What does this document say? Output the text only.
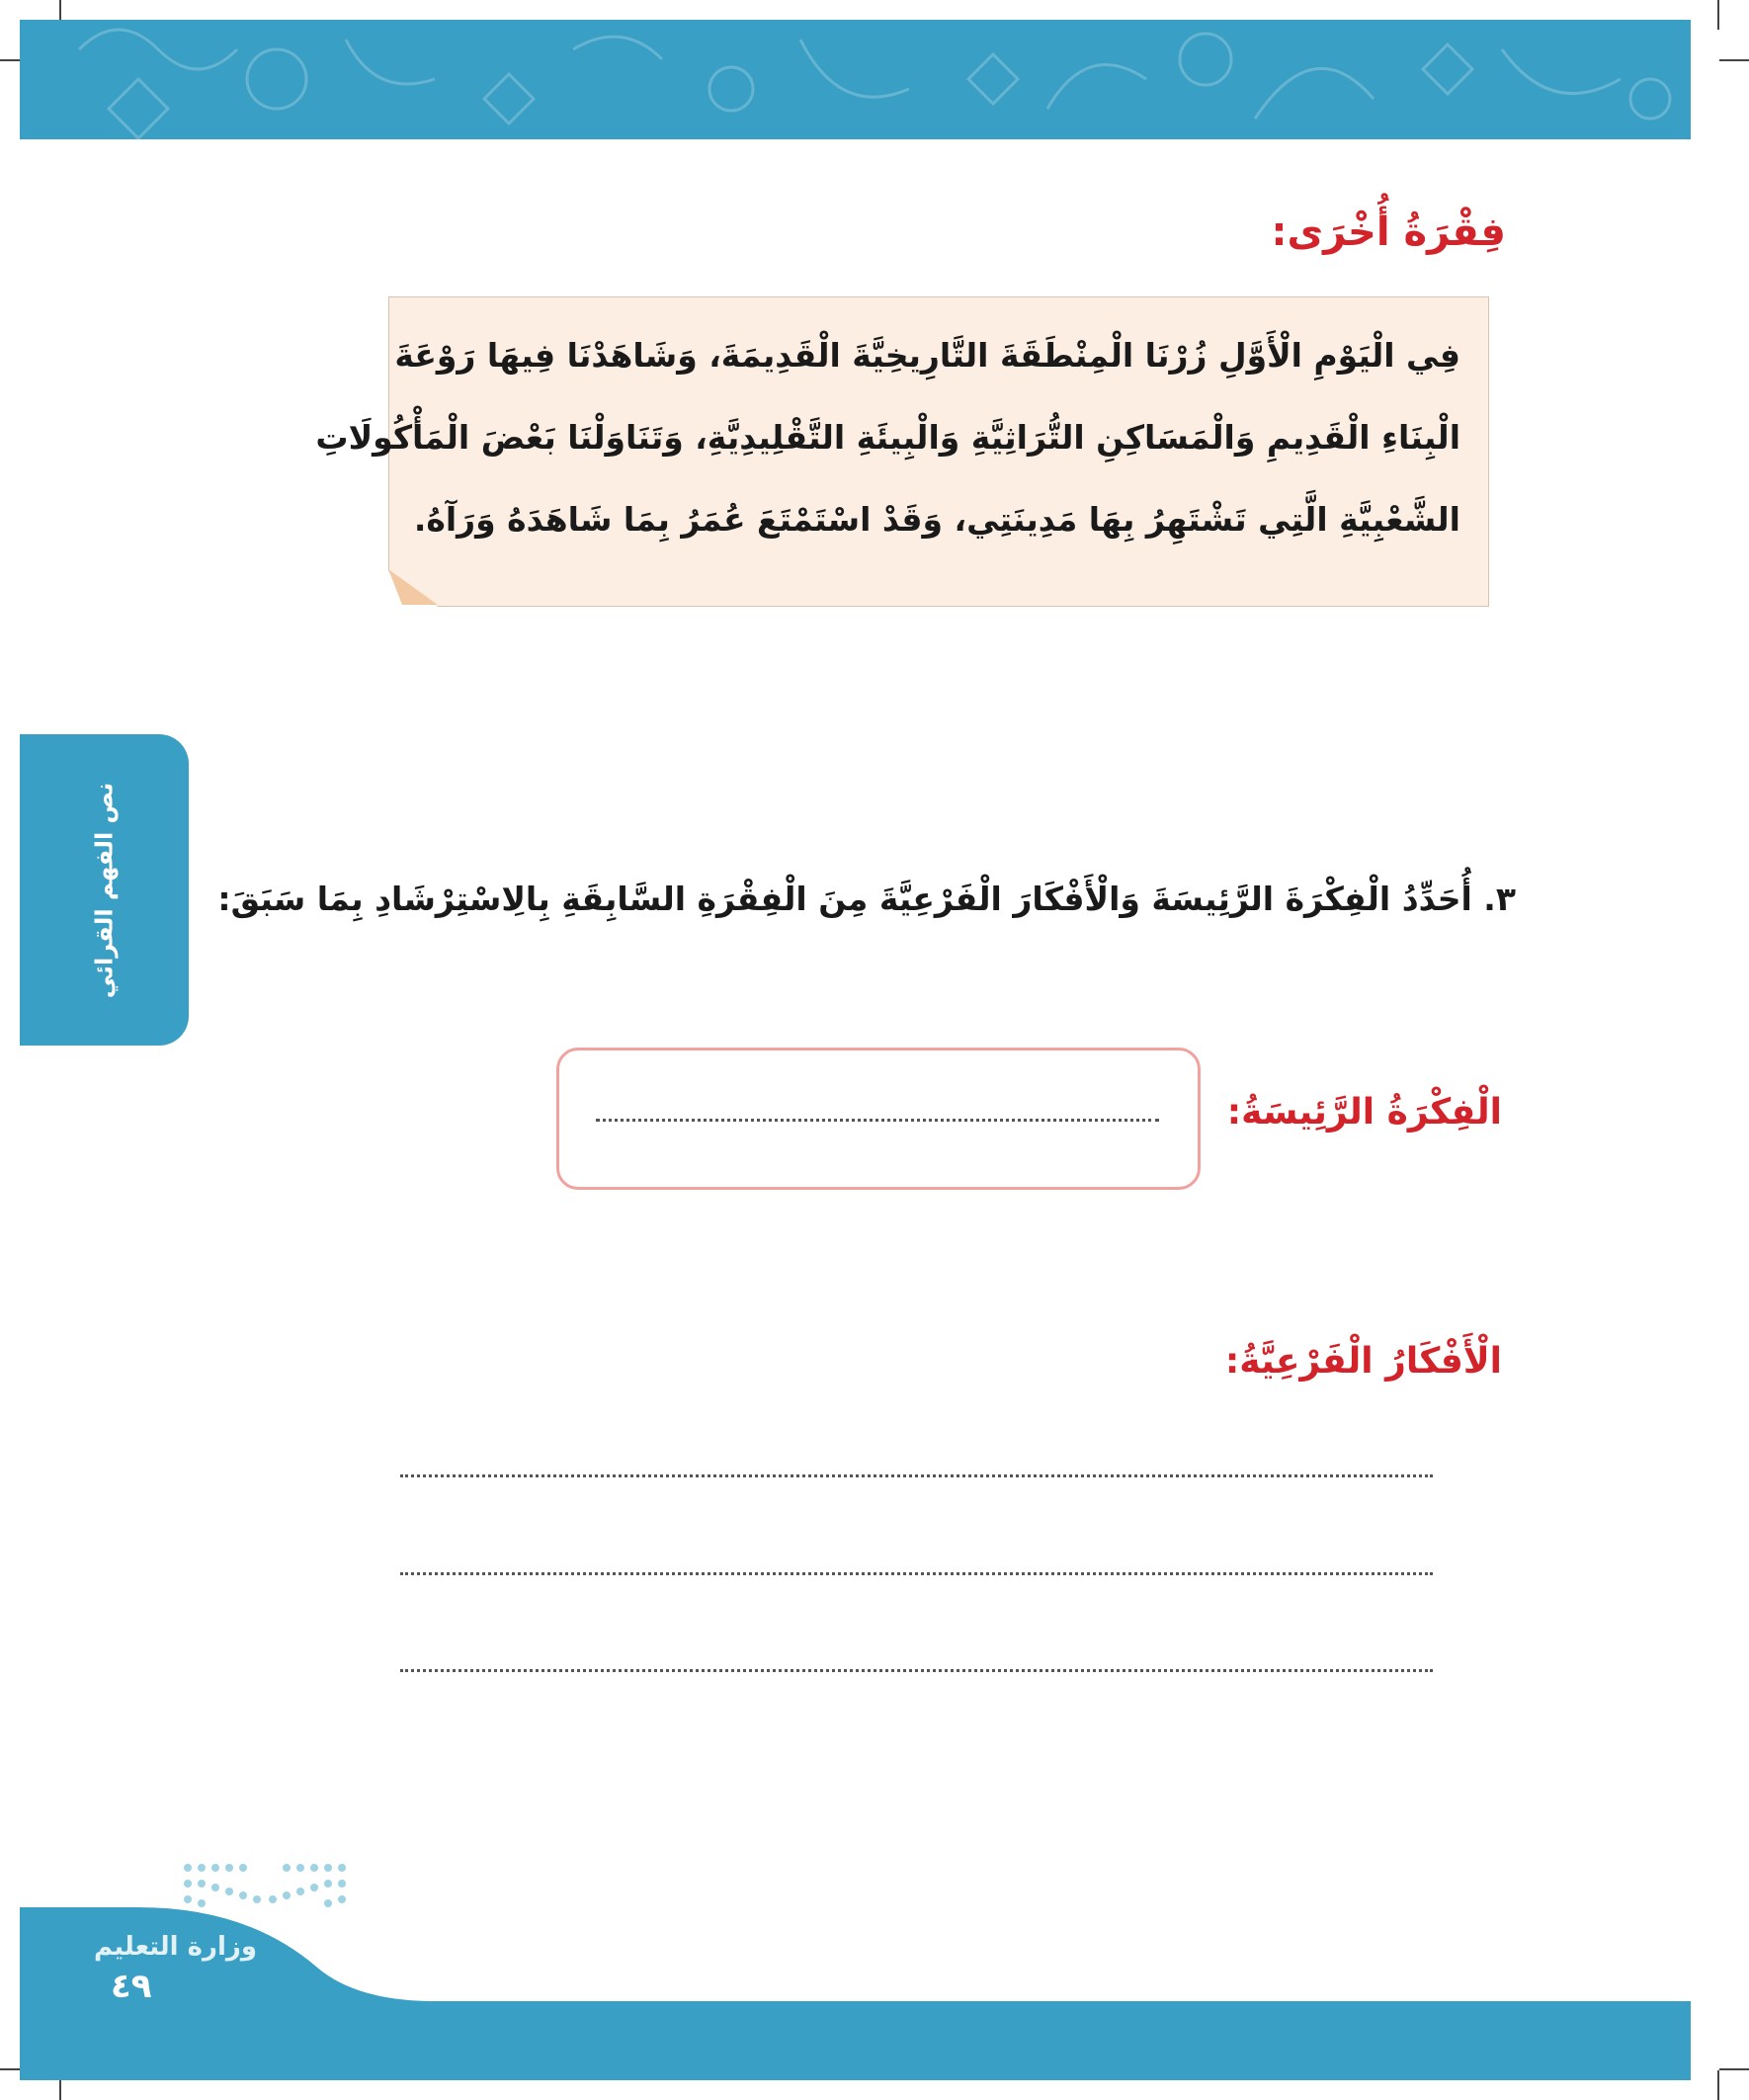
فِقْرَةُ أُخْرَى:
فِي الْيَوْمِ الْأَوَّلِ زُرْنَا الْمِنْطَقَةَ التَّارِيخِيَّةَ الْقَدِيمَةَ، وَشَاهَدْنَا فِيهَا رَوْعَةَ
الْبِنَاءِ الْقَدِيمِ وَالْمَسَاكِنِ التُّرَاثِيَّةِ وَالْبِيئَةِ التَّقْلِيدِيَّةِ، وَتَنَاوَلْنَا بَعْضَ الْمَأْكُولَاتِ
الشَّعْبِيَّةِ الَّتِي تَشْتَهِرُ بِهَا مَدِينَتِي، وَقَدْ اسْتَمْتَعَ عُمَرُ بِمَا شَاهَدَهُ وَرَآهُ.
نص الفهم القرائي	٣. أُحَدِّدُ الْفِكْرَةَ الرَّئِيسَةَ وَالْأَفْكَارَ الْفَرْعِيَّةَ مِنَ الْفِقْرَةِ السَّابِقَةِ بِالِاسْتِرْشَادِ بِمَا سَبَقَ:
الْفِكْرَةُ الرَّئِيسَةُ:
الْأَفْكَارُ الْفَرْعِيَّةُ:
وزارة التعليم
٤٩
